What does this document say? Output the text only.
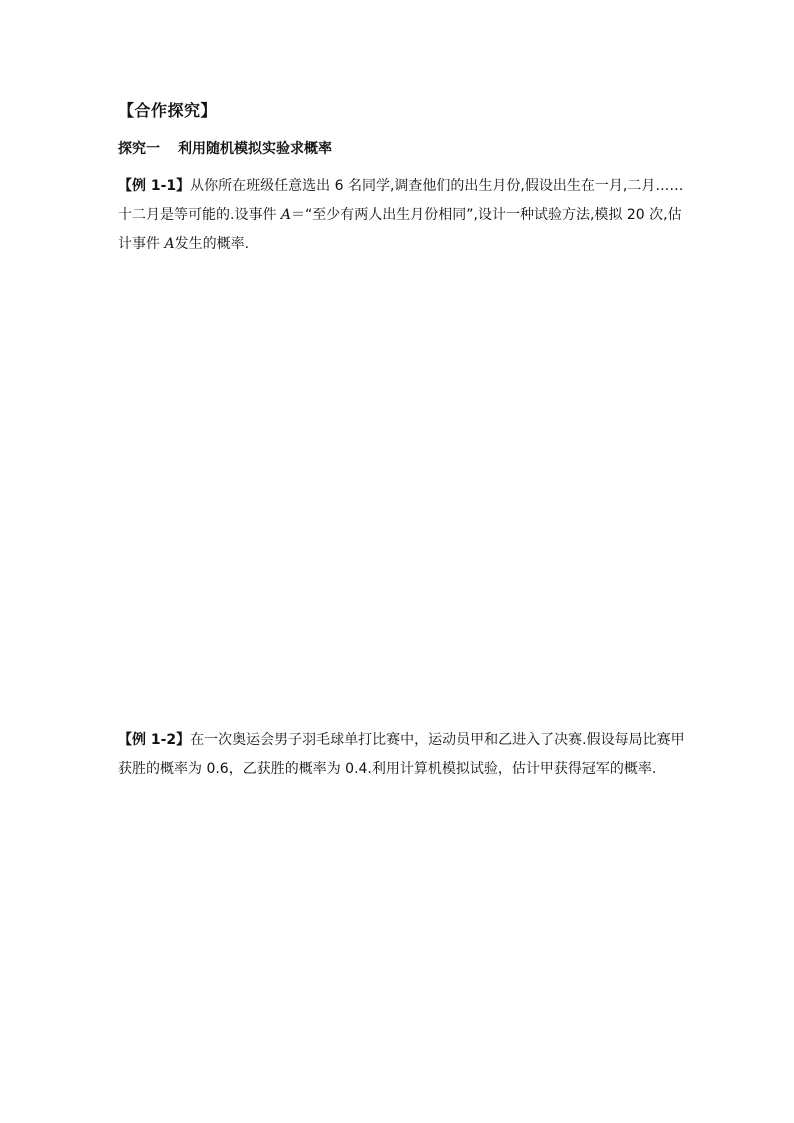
【合作探究】
探究一 利用随机模拟实验求概率
【例 1-1】从你所在班级任意选出 6 名同学,调查他们的出生月份,假设出生在一月,二月……
十二月是等可能的.设事件 A＝“至少有两人出生月份相同”,设计一种试验方法,模拟 20 次,估
计事件 A发生的概率.
【例 1-2】在一次奥运会男子羽毛球单打比赛中，运动员甲和乙进入了决赛.假设每局比赛甲
获胜的概率为 0.6，乙获胜的概率为 0.4.利用计算机模拟试验，估计甲获得冠军的概率.
